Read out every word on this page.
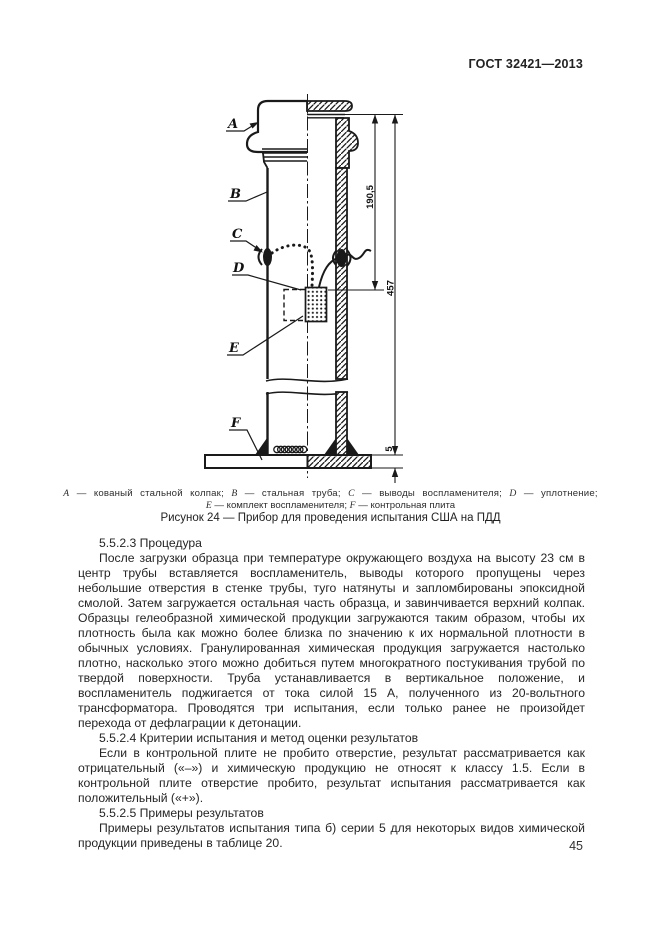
ГОСТ 32421—2013
190,5
457
5
A
B
C
D
E
F
A — кованый стальной колпак; B — стальная труба; C — выводы воспламенителя; D — уплотнение;
E — комплект воспламенителя; F — контрольная плита
Рисунок 24 — Прибор для проведения испытания США на ПДД

5.5.2.3 Процедура

После загрузки образца при температуре окружающего воздуха на высоту 23 см в центр трубы вставляется воспламенитель, выводы которого пропущены через небольшие отверстия в стенке трубы, туго натянуты и запломбированы эпоксидной смолой. Затем загружается остальная часть образца, и завинчивается верхний колпак. Образцы гелеобразной химической продукции загружаются таким образом, чтобы их плотность была как можно более близка по значению к их нормальной плотности в обычных условиях. Гранулированная химическая продукция загружается настолько плотно, насколько этого можно добиться путем многократного постукивания трубой по твердой поверхности. Труба устанавливается в вертикальное положение, и воспламенитель поджигается от тока силой 15 А, полученного из 20-вольтного трансформатора. Проводятся три испытания, если только ранее не произойдет перехода от дефлаграции к детонации.

5.5.2.4 Критерии испытания и метод оценки результатов

Если в контрольной плите не пробито отверстие, результат рассматривается как отрицательный («–») и химическую продукцию не относят к классу 1.5. Если в контрольной плите отверстие пробито, результат испытания рассматривается как положительный («+»).

5.5.2.5 Примеры результатов

Примеры результатов испытания типа б) серии 5 для некоторых видов химической продукции приведены в таблице 20.	45
